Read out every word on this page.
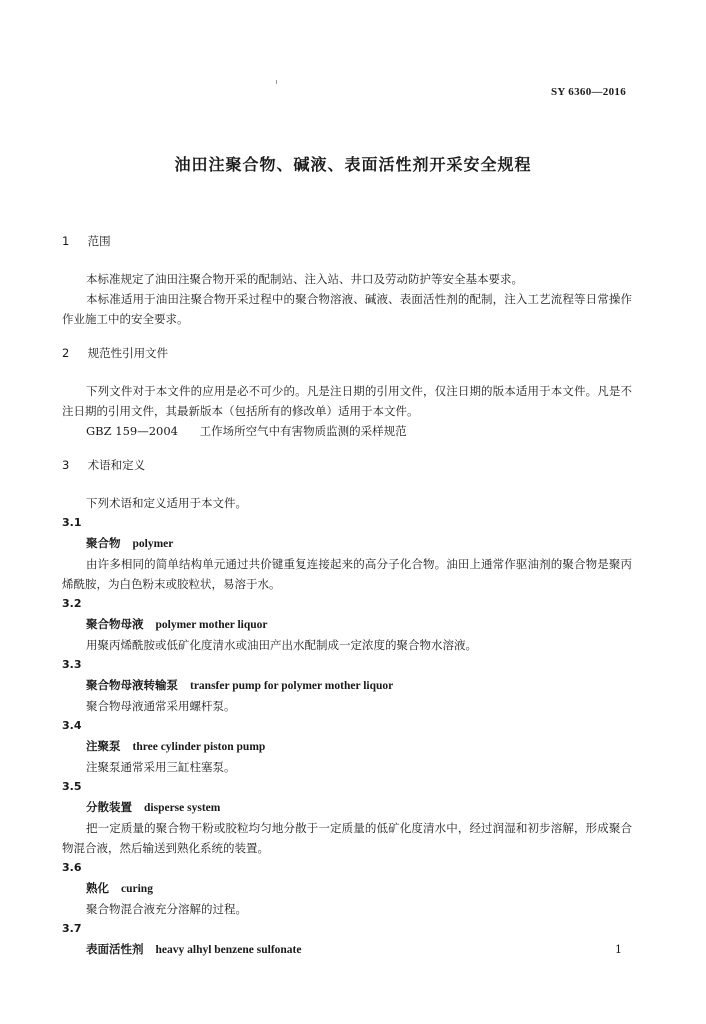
SY 6360—2016
油田注聚合物、碱液、表面活性剂开采安全规程
1 范围

本标准规定了油田注聚合物开采的配制站、注入站、井口及劳动防护等安全基本要求。

本标准适用于油田注聚合物开采过程中的聚合物溶液、碱液、表面活性剂的配制，注入工艺流程等日常操作作业施工中的安全要求。

2 规范性引用文件

下列文件对于本文件的应用是必不可少的。凡是注日期的引用文件，仅注日期的版本适用于本文件。凡是不注日期的引用文件，其最新版本（包括所有的修改单）适用于本文件。

GBZ 159—2004 工作场所空气中有害物质监测的采样规范

3 术语和定义

下列术语和定义适用于本文件。

3.1

聚合物 polymer

由许多相同的简单结构单元通过共价键重复连接起来的高分子化合物。油田上通常作驱油剂的聚合物是聚丙烯酰胺，为白色粉末或胶粒状，易溶于水。

3.2

聚合物母液 polymer mother liquor

用聚丙烯酰胺或低矿化度清水或油田产出水配制成一定浓度的聚合物水溶液。

3.3

聚合物母液转输泵 transfer pump for polymer mother liquor

聚合物母液通常采用螺杆泵。

3.4

注聚泵 three cylinder piston pump

注聚泵通常采用三缸柱塞泵。

3.5

分散装置 disperse system

把一定质量的聚合物干粉或胶粒均匀地分散于一定质量的低矿化度清水中，经过润湿和初步溶解，形成聚合物混合液，然后输送到熟化系统的装置。

3.6

熟化 curing

聚合物混合液充分溶解的过程。

3.7

表面活性剂 heavy alhyl benzene sulfonate	1
